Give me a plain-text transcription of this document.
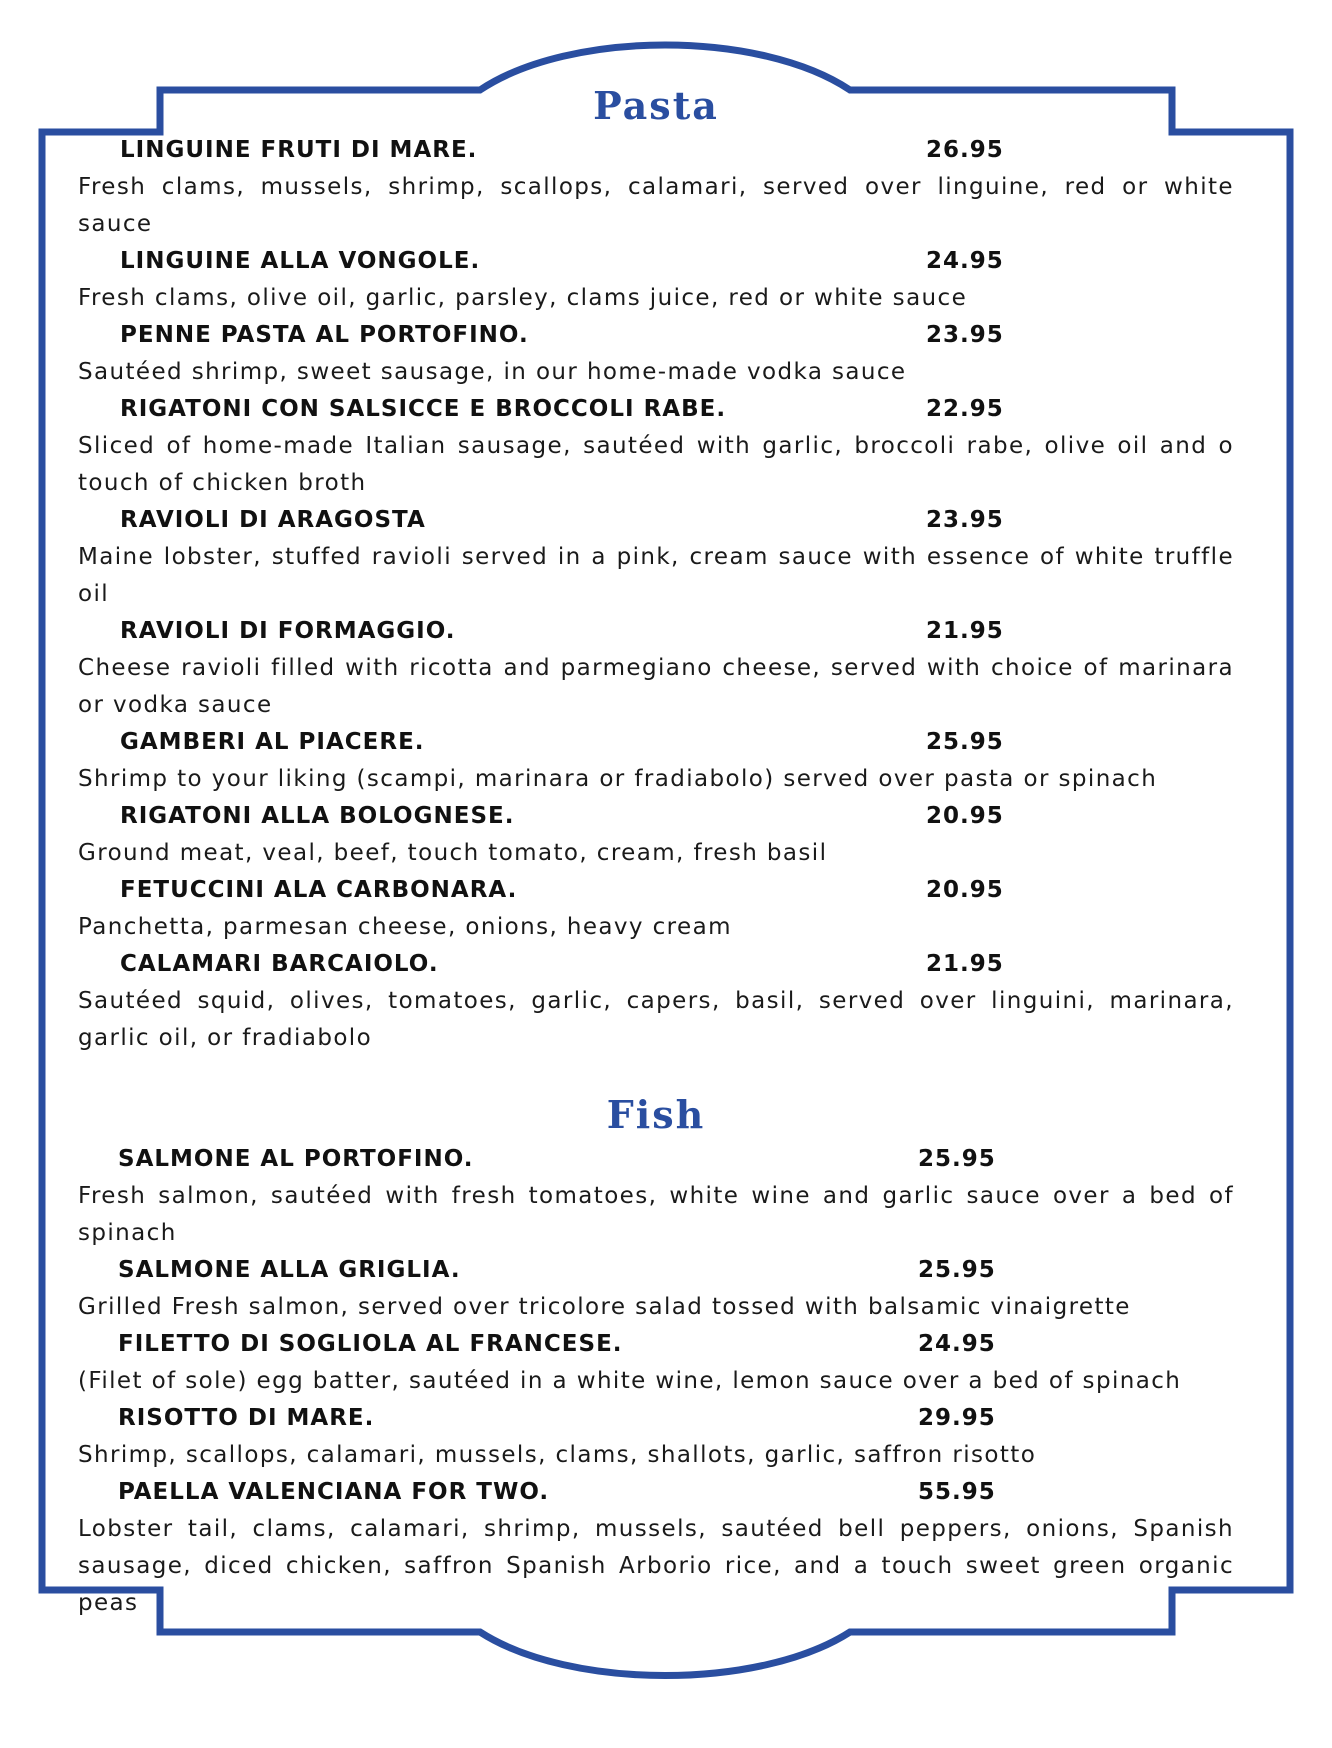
Pasta
LINGUINE FRUTI DI MARE.	26.95
Fresh clams, mussels, shrimp, scallops, calamari, served over linguine, red or white sauce
LINGUINE ALLA VONGOLE.	24.95
Fresh clams, olive oil, garlic, parsley, clams juice, red or white sauce
PENNE PASTA AL PORTOFINO.	23.95
Sautéed shrimp, sweet sausage, in our home-made vodka sauce
RIGATONI CON SALSICCE E BROCCOLI RABE.	22.95
Sliced of home-made Italian sausage, sautéed with garlic, broccoli rabe, olive oil and o touch of chicken broth
RAVIOLI DI ARAGOSTA	23.95
Maine lobster, stuffed ravioli served in a pink, cream sauce with essence of white truffle oil
RAVIOLI DI FORMAGGIO.	21.95
Cheese ravioli filled with ricotta and parmegiano cheese, served with choice of marinara or vodka sauce
GAMBERI AL PIACERE.	25.95
Shrimp to your liking (scampi, marinara or fradiabolo) served over pasta or spinach
RIGATONI ALLA BOLOGNESE.	20.95
Ground meat, veal, beef, touch tomato, cream, fresh basil
FETUCCINI ALA CARBONARA.	20.95
Panchetta, parmesan cheese, onions, heavy cream
CALAMARI BARCAIOLO.	21.95
Sautéed squid, olives, tomatoes, garlic, capers, basil, served over linguini, marinara, garlic oil, or fradiabolo
Fish
SALMONE AL PORTOFINO.	25.95
Fresh salmon, sautéed with fresh tomatoes, white wine and garlic sauce over a bed of spinach
SALMONE ALLA GRIGLIA.	25.95
Grilled Fresh salmon, served over tricolore salad tossed with balsamic vinaigrette
FILETTO DI SOGLIOLA AL FRANCESE.	24.95
(Filet of sole) egg batter, sautéed in a white wine, lemon sauce over a bed of spinach
RISOTTO DI MARE.	29.95
Shrimp, scallops, calamari, mussels, clams, shallots, garlic, saffron risotto
PAELLA VALENCIANA FOR TWO.	55.95
Lobster tail, clams, calamari, shrimp, mussels, sautéed bell peppers, onions, Spanish sausage, diced chicken, saffron Spanish Arborio rice, and a touch sweet green organic peas
